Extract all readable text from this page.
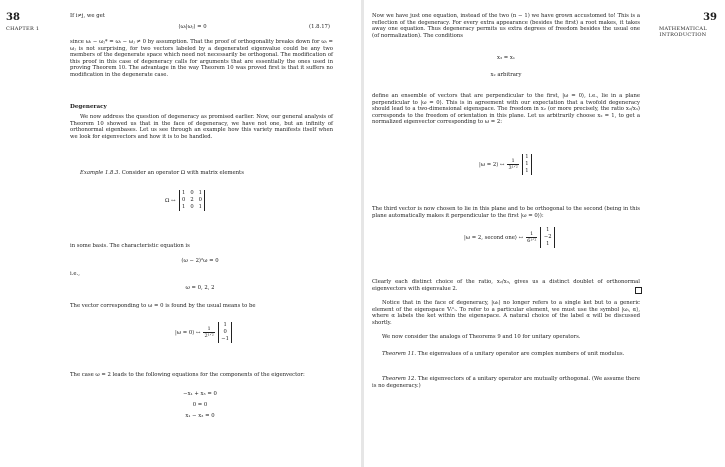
38
CHAPTER 1

If i≠j, we get

⟨ωᵢ|ωⱼ⟩ = 0	(1.8.17)

since ωᵢ − ωⱼ* = ωᵢ − ωⱼ ≠ 0 by assumption. That the proof of orthogonality breaks down for ωᵢ = ωⱼ is not surprising, for two vectors labeled by a degenerated eigenvalue could be any two members of the degenerate space which need not necessarily be orthogonal. The modification of this proof in this case of degeneracy calls for arguments that are essentially the ones used in proving Theorem 10. The advantage in the way Theorem 10 was proved first is that it suffers no modification in the degenerate case.

Degeneracy

We now address the question of degeneracy as promised earlier. Now, our general analysis of Theorem 10 showed us that in the face of degeneracy, we have not one, but an infinity of orthonormal eigenbases. Let us see through an example how this variety manifests itself when we look for eigenvectors and how it is to be handled.

Example 1.8.3. Consider an operator Ω with matrix elements

Ω ↔
1	0	1
0	2	0
1	0	1

in some basis. The characteristic equation is

(ω − 2)²ω = 0

i.e.,

ω = 0, 2, 2

The vector corresponding to ω = 0 is found by the usual means to be

|ω = 0⟩ ↔
1
2¹ᐟ²
1
0
−1

The case ω = 2 leads to the following equations for the components of the eigenvector:

−x₁ + x₃ = 0

0 = 0

x₁ − x₃ = 0

39
MATHEMATICAL INTRODUCTION

Now we have just one equation, instead of the two (n − 1) we have grown accustomed to! This is a reflection of the degeneracy. For every extra appearance (besides the first) a root makes, it takes away one equation. Thus degeneracy permits us extra degrees of freedom besides the usual one (of normalization). The conditions

x₃ = x₁

x₂ arbitrary

define an ensemble of vectors that are perpendicular to the first, |ω = 0⟩, i.e., lie in a plane perpendicular to |ω = 0⟩. This is in agreement with our expectation that a twofold degeneracy should lead to a two-dimensional eigenspace. The freedom in x₂ (or more precisely, the ratio x₂/x₃) corresponds to the freedom of orientation in this plane. Let us arbitrarily choose x₂ = 1, to get a normalized eigenvector corresponding to ω = 2:

|ω = 2⟩ ↔
1
3¹ᐟ²
1
1
1

The third vector is now chosen to lie in this plane and to be orthogonal to the second (being in this plane automatically makes it perpendicular to the first |ω = 0⟩):

|ω = 2, second one⟩ ↔
1
6¹ᐟ²
1
−2
1

Clearly each distinct choice of the ratio, x₂/x₃, gives us a distinct doublet of orthonormal eigenvectors with eigenvalue 2.

Notice that in the face of degeneracy, |ωᵢ⟩ no longer refers to a single ket but to a generic element of the eigenspace 𝕍ᵢⁿᵢ. To refer to a particular element, we must use the symbol |ωᵢ, α⟩, where α labels the ket within the eigenspace. A natural choice of the label α will be discussed shortly.

We now consider the analogs of Theorems 9 and 10 for unitary operators.

Theorem 11. The eigenvalues of a unitary operator are complex numbers of unit modulus.

Theorem 12. The eigenvectors of a unitary operator are mutually orthogonal. (We assume there is no degeneracy.)
